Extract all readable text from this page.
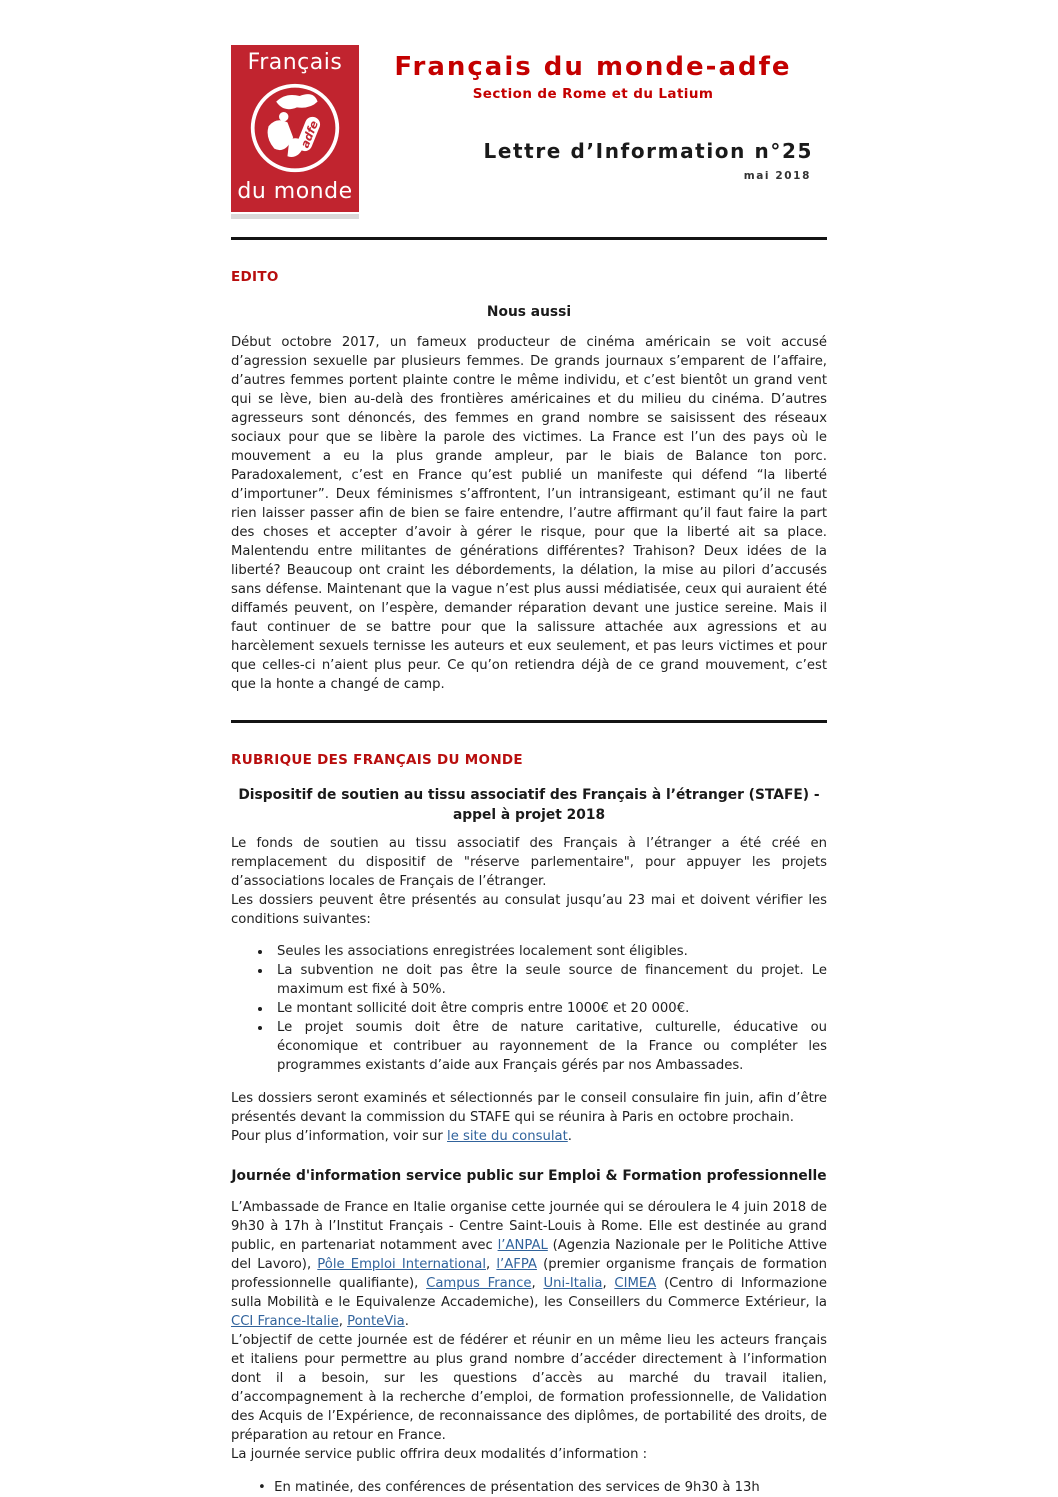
Français
adfe
du monde
Français du monde-adfe
Section de Rome et du Latium
Lettre d’Information n°25
mai 2018
EDITO
Nous aussi

Début octobre 2017, un fameux producteur de cinéma américain se voit accusé d’agression sexuelle par plusieurs femmes. De grands journaux s’emparent de l’affaire, d’autres femmes portent plainte contre le même individu, et c’est bientôt un grand vent qui se lève, bien au-delà des frontières américaines et du milieu du cinéma. D’autres agresseurs sont dénoncés, des femmes en grand nombre se saisissent des réseaux sociaux pour que se libère la parole des victimes. La France est l’un des pays où le mouvement a eu la plus grande ampleur, par le biais de Balance ton porc. Paradoxalement, c’est en France qu’est publié un manifeste qui défend “la liberté d’importuner”. Deux féminismes s’affrontent, l’un intransigeant, estimant qu’il ne faut rien laisser passer afin de bien se faire entendre, l’autre affirmant qu’il faut faire la part des choses et accepter d’avoir à gérer le risque, pour que la liberté ait sa place. Malentendu entre militantes de générations différentes? Trahison? Deux idées de la liberté? Beaucoup ont craint les débordements, la délation, la mise au pilori d’accusés sans défense. Maintenant que la vague n’est plus aussi médiatisée, ceux qui auraient été diffamés peuvent, on l’espère, demander réparation devant une justice sereine. Mais il faut continuer de se battre pour que la salissure attachée aux agressions et au harcèlement sexuels ternisse les auteurs et eux seulement, et pas leurs victimes et pour que celles-ci n’aient plus peur. Ce qu’on retiendra déjà de ce grand mouvement, c’est que la honte a changé de camp.

RUBRIQUE DES FRANÇAIS DU MONDE
Dispositif de soutien au tissu associatif des Français à l’étranger (STAFE) - appel à projet 2018

Le fonds de soutien au tissu associatif des Français à l’étranger a été créé en remplacement du dispositif de "réserve parlementaire", pour appuyer les projets d’associations locales de Français de l’étranger.

Les dossiers peuvent être présentés au consulat jusqu’au 23 mai et doivent vérifier les conditions suivantes:

• Seules les associations enregistrées localement sont éligibles.
• La subvention ne doit pas être la seule source de financement du projet. Le maximum est fixé à 50%.
• Le montant sollicité doit être compris entre 1000€ et 20 000€.
• Le projet soumis doit être de nature caritative, culturelle, éducative ou économique et contribuer au rayonnement de la France ou compléter les programmes existants d’aide aux Français gérés par nos Ambassades.

Les dossiers seront examinés et sélectionnés par le conseil consulaire fin juin, afin d’être présentés devant la commission du STAFE qui se réunira à Paris en octobre prochain.

Pour plus d’information, voir sur le site du consulat.

Journée d'information service public sur Emploi & Formation professionnelle

L’Ambassade de France en Italie organise cette journée qui se déroulera le 4 juin 2018 de 9h30 à 17h à l’Institut Français - Centre Saint-Louis à Rome. Elle est destinée au grand public, en partenariat notamment avec l’ANPAL (Agenzia Nazionale per le Politiche Attive del Lavoro), Pôle Emploi International, l’AFPA (premier organisme français de formation professionnelle qualifiante), Campus France, Uni-Italia, CIMEA (Centro di Informazione sulla Mobilità e le Equivalenze Accademiche), les Conseillers du Commerce Extérieur, la CCI France-Italie, PonteVia.

L’objectif de cette journée est de fédérer et réunir en un même lieu les acteurs français et italiens pour permettre au plus grand nombre d’accéder directement à l’information dont il a besoin, sur les questions d’accès au marché du travail italien, d’accompagnement à la recherche d’emploi, de formation professionnelle, de Validation des Acquis de l’Expérience, de reconnaissance des diplômes, de portabilité des droits, de préparation au retour en France.

La journée service public offrira deux modalités d’information :

•  En matinée, des conférences de présentation des services de 9h30 à 13h
